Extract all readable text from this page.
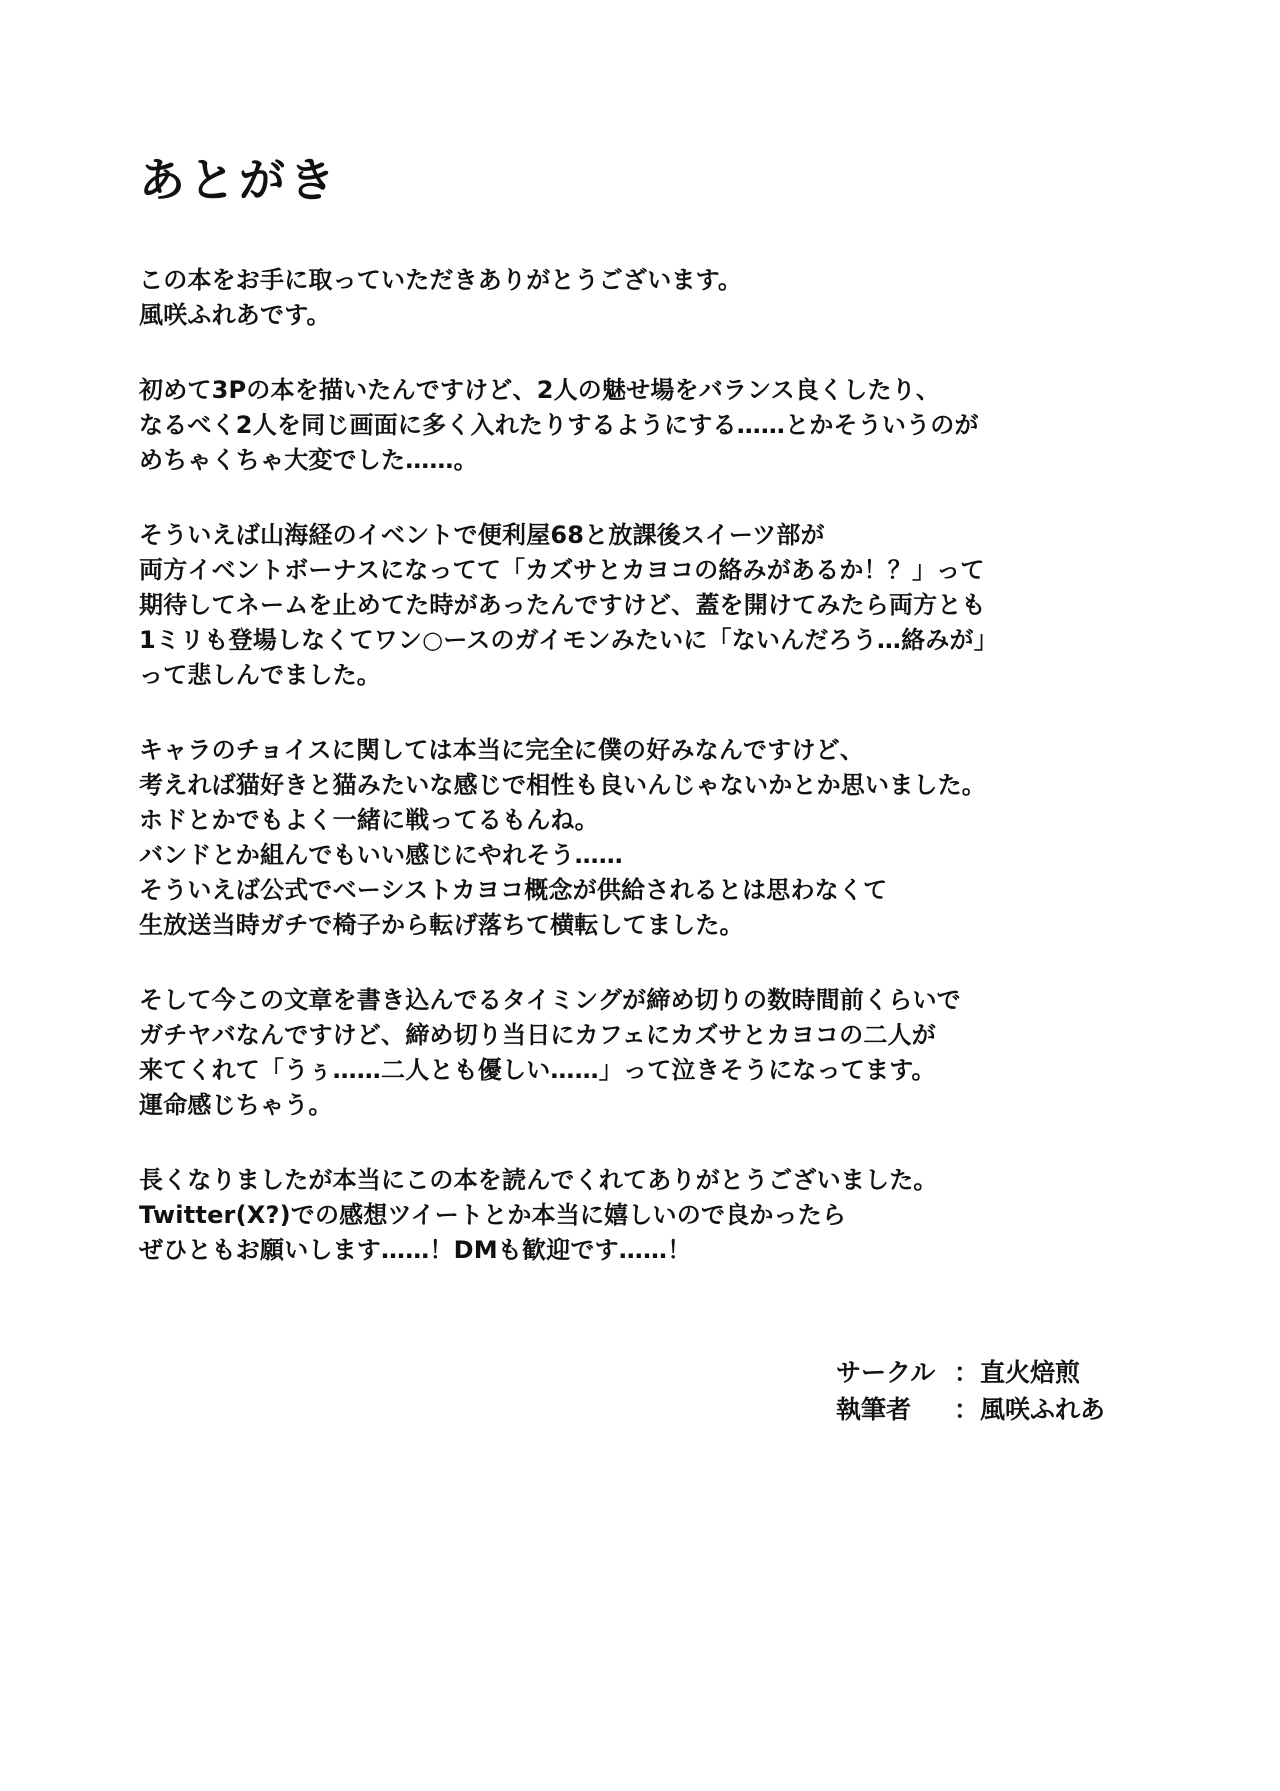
あとがき
この本をお手に取っていただきありがとうございます。
風咲ふれあです。
初めて3Pの本を描いたんですけど、2人の魅せ場をバランス良くしたり、
なるべく2人を同じ画面に多く入れたりするようにする……とかそういうのが
めちゃくちゃ大変でした……。
そういえば山海経のイベントで便利屋68と放課後スイーツ部が
両方イベントボーナスになってて「カズサとカヨコの絡みがあるか！？」って
期待してネームを止めてた時があったんですけど、蓋を開けてみたら両方とも
1ミリも登場しなくてワン○ースのガイモンみたいに「ないんだろう…絡みが」
って悲しんでました。
キャラのチョイスに関しては本当に完全に僕の好みなんですけど、
考えれば猫好きと猫みたいな感じで相性も良いんじゃないかとか思いました。
ホドとかでもよく一緒に戦ってるもんね。
バンドとか組んでもいい感じにやれそう……
そういえば公式でベーシストカヨコ概念が供給されるとは思わなくて
生放送当時ガチで椅子から転げ落ちて横転してました。
そして今この文章を書き込んでるタイミングが締め切りの数時間前くらいで
ガチヤバなんですけど、締め切り当日にカフェにカズサとカヨコの二人が
来てくれて「うぅ……二人とも優しい……」って泣きそうになってます。
運命感じちゃう。
長くなりましたが本当にこの本を読んでくれてありがとうございました。
Twitter(X?)での感想ツイートとか本当に嬉しいので良かったら
ぜひともお願いします……！DMも歓迎です……！
サークル ： 直火焙煎
執筆者	： 風咲ふれあ
